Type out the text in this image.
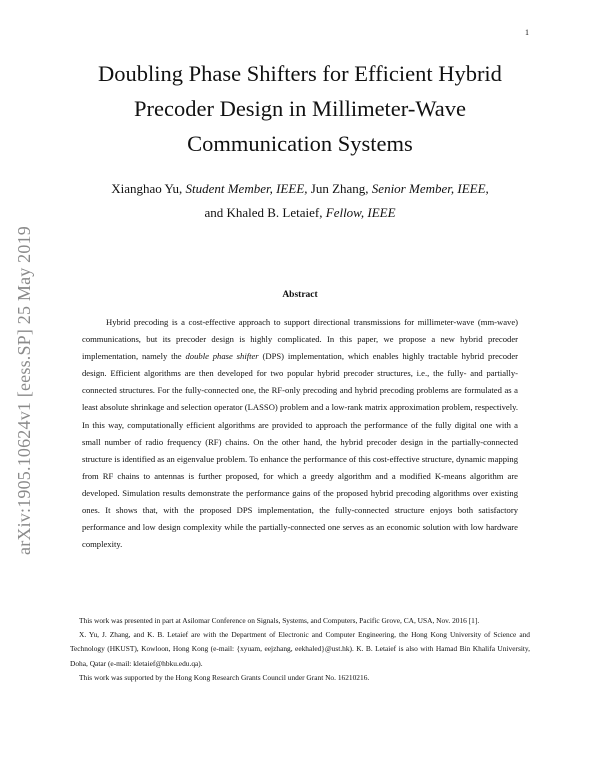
1
arXiv:1905.10624v1 [eess.SP] 25 May 2019
Doubling Phase Shifters for Efficient Hybrid
Precoder Design in Millimeter-Wave
Communication Systems
Xianghao Yu, Student Member, IEEE, Jun Zhang, Senior Member, IEEE,
and Khaled B. Letaief, Fellow, IEEE
Abstract

Hybrid precoding is a cost-effective approach to support directional transmissions for millimeter-wave (mm-wave) communications, but its precoder design is highly complicated. In this paper, we propose a new hybrid precoder implementation, namely the double phase shifter (DPS) implementation, which enables highly tractable hybrid precoder design. Efficient algorithms are then developed for two popular hybrid precoder structures, i.e., the fully- and partially-connected structures. For the fully-connected one, the RF-only precoding and hybrid precoding problems are formulated as a least absolute shrinkage and selection operator (LASSO) problem and a low-rank matrix approximation problem, respectively. In this way, computationally efficient algorithms are provided to approach the performance of the fully digital one with a small number of radio frequency (RF) chains. On the other hand, the hybrid precoder design in the partially-connected structure is identified as an eigenvalue problem. To enhance the performance of this cost-effective structure, dynamic mapping from RF chains to antennas is further proposed, for which a greedy algorithm and a modified K-means algorithm are developed. Simulation results demonstrate the performance gains of the proposed hybrid precoding algorithms over existing ones. It shows that, with the proposed DPS implementation, the fully-connected structure enjoys both satisfactory performance and low design complexity while the partially-connected one serves as an economic solution with low hardware complexity.

This work was presented in part at Asilomar Conference on Signals, Systems, and Computers, Pacific Grove, CA, USA, Nov. 2016 [1].

X. Yu, J. Zhang, and K. B. Letaief are with the Department of Electronic and Computer Engineering, the Hong Kong University of Science and Technology (HKUST), Kowloon, Hong Kong (e-mail: {xyuam, eejzhang, eekhaled}@ust.hk). K. B. Letaief is also with Hamad Bin Khalifa University, Doha, Qatar (e-mail: kletaief@hbku.edu.qa).

This work was supported by the Hong Kong Research Grants Council under Grant No. 16210216.
